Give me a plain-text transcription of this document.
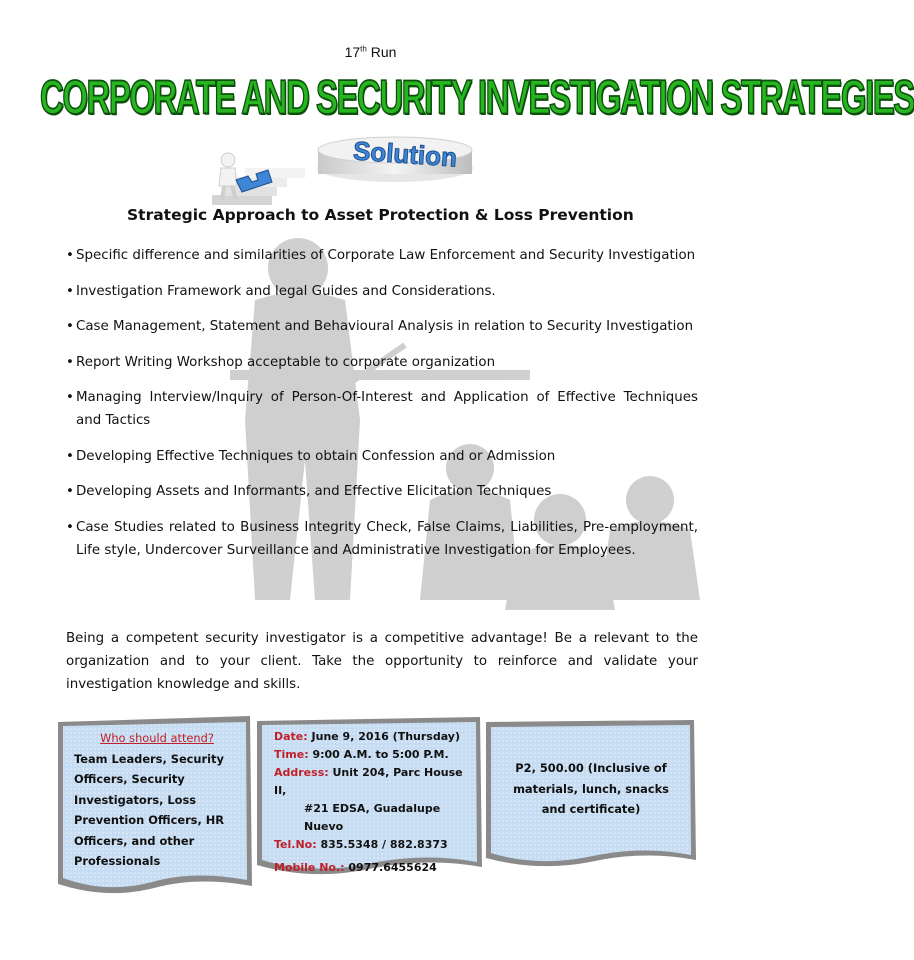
17th Run
CORPORATE AND SECURITY INVESTIGATION STRATEGIES
Solution
Strategic Approach to Asset Protection & Loss Prevention
• Specific difference and similarities of Corporate Law Enforcement and Security Investigation
• Investigation Framework and legal Guides and Considerations.
• Case Management, Statement and Behavioural Analysis in relation to Security Investigation
• Report Writing Workshop acceptable to corporate organization
• Managing Interview/Inquiry of Person-Of-Interest and Application of Effective Techniques and Tactics
• Developing Effective Techniques to obtain Confession and or Admission
• Developing Assets and Informants, and Effective Elicitation Techniques
• Case Studies related to Business Integrity Check, False Claims, Liabilities, Pre-employment, Life style, Undercover Surveillance and Administrative Investigation for Employees.
Being a competent security investigator is a competitive advantage! Be a relevant to the organization and to your client. Take the opportunity to reinforce and validate your investigation knowledge and skills.
Who should attend?
Team Leaders, Security Officers, Security Investigators, Loss Prevention Officers, HR Officers, and other Professionals
Date: June 9, 2016 (Thursday)
Time: 9:00 A.M. to 5:00 P.M.
Address: Unit 204, Parc House II,
#21 EDSA, Guadalupe Nuevo
Tel.No: 835.5348 / 882.8373
Mobile No.: 0977.6455624
P2, 500.00 (Inclusive of materials, lunch, snacks and certificate)
